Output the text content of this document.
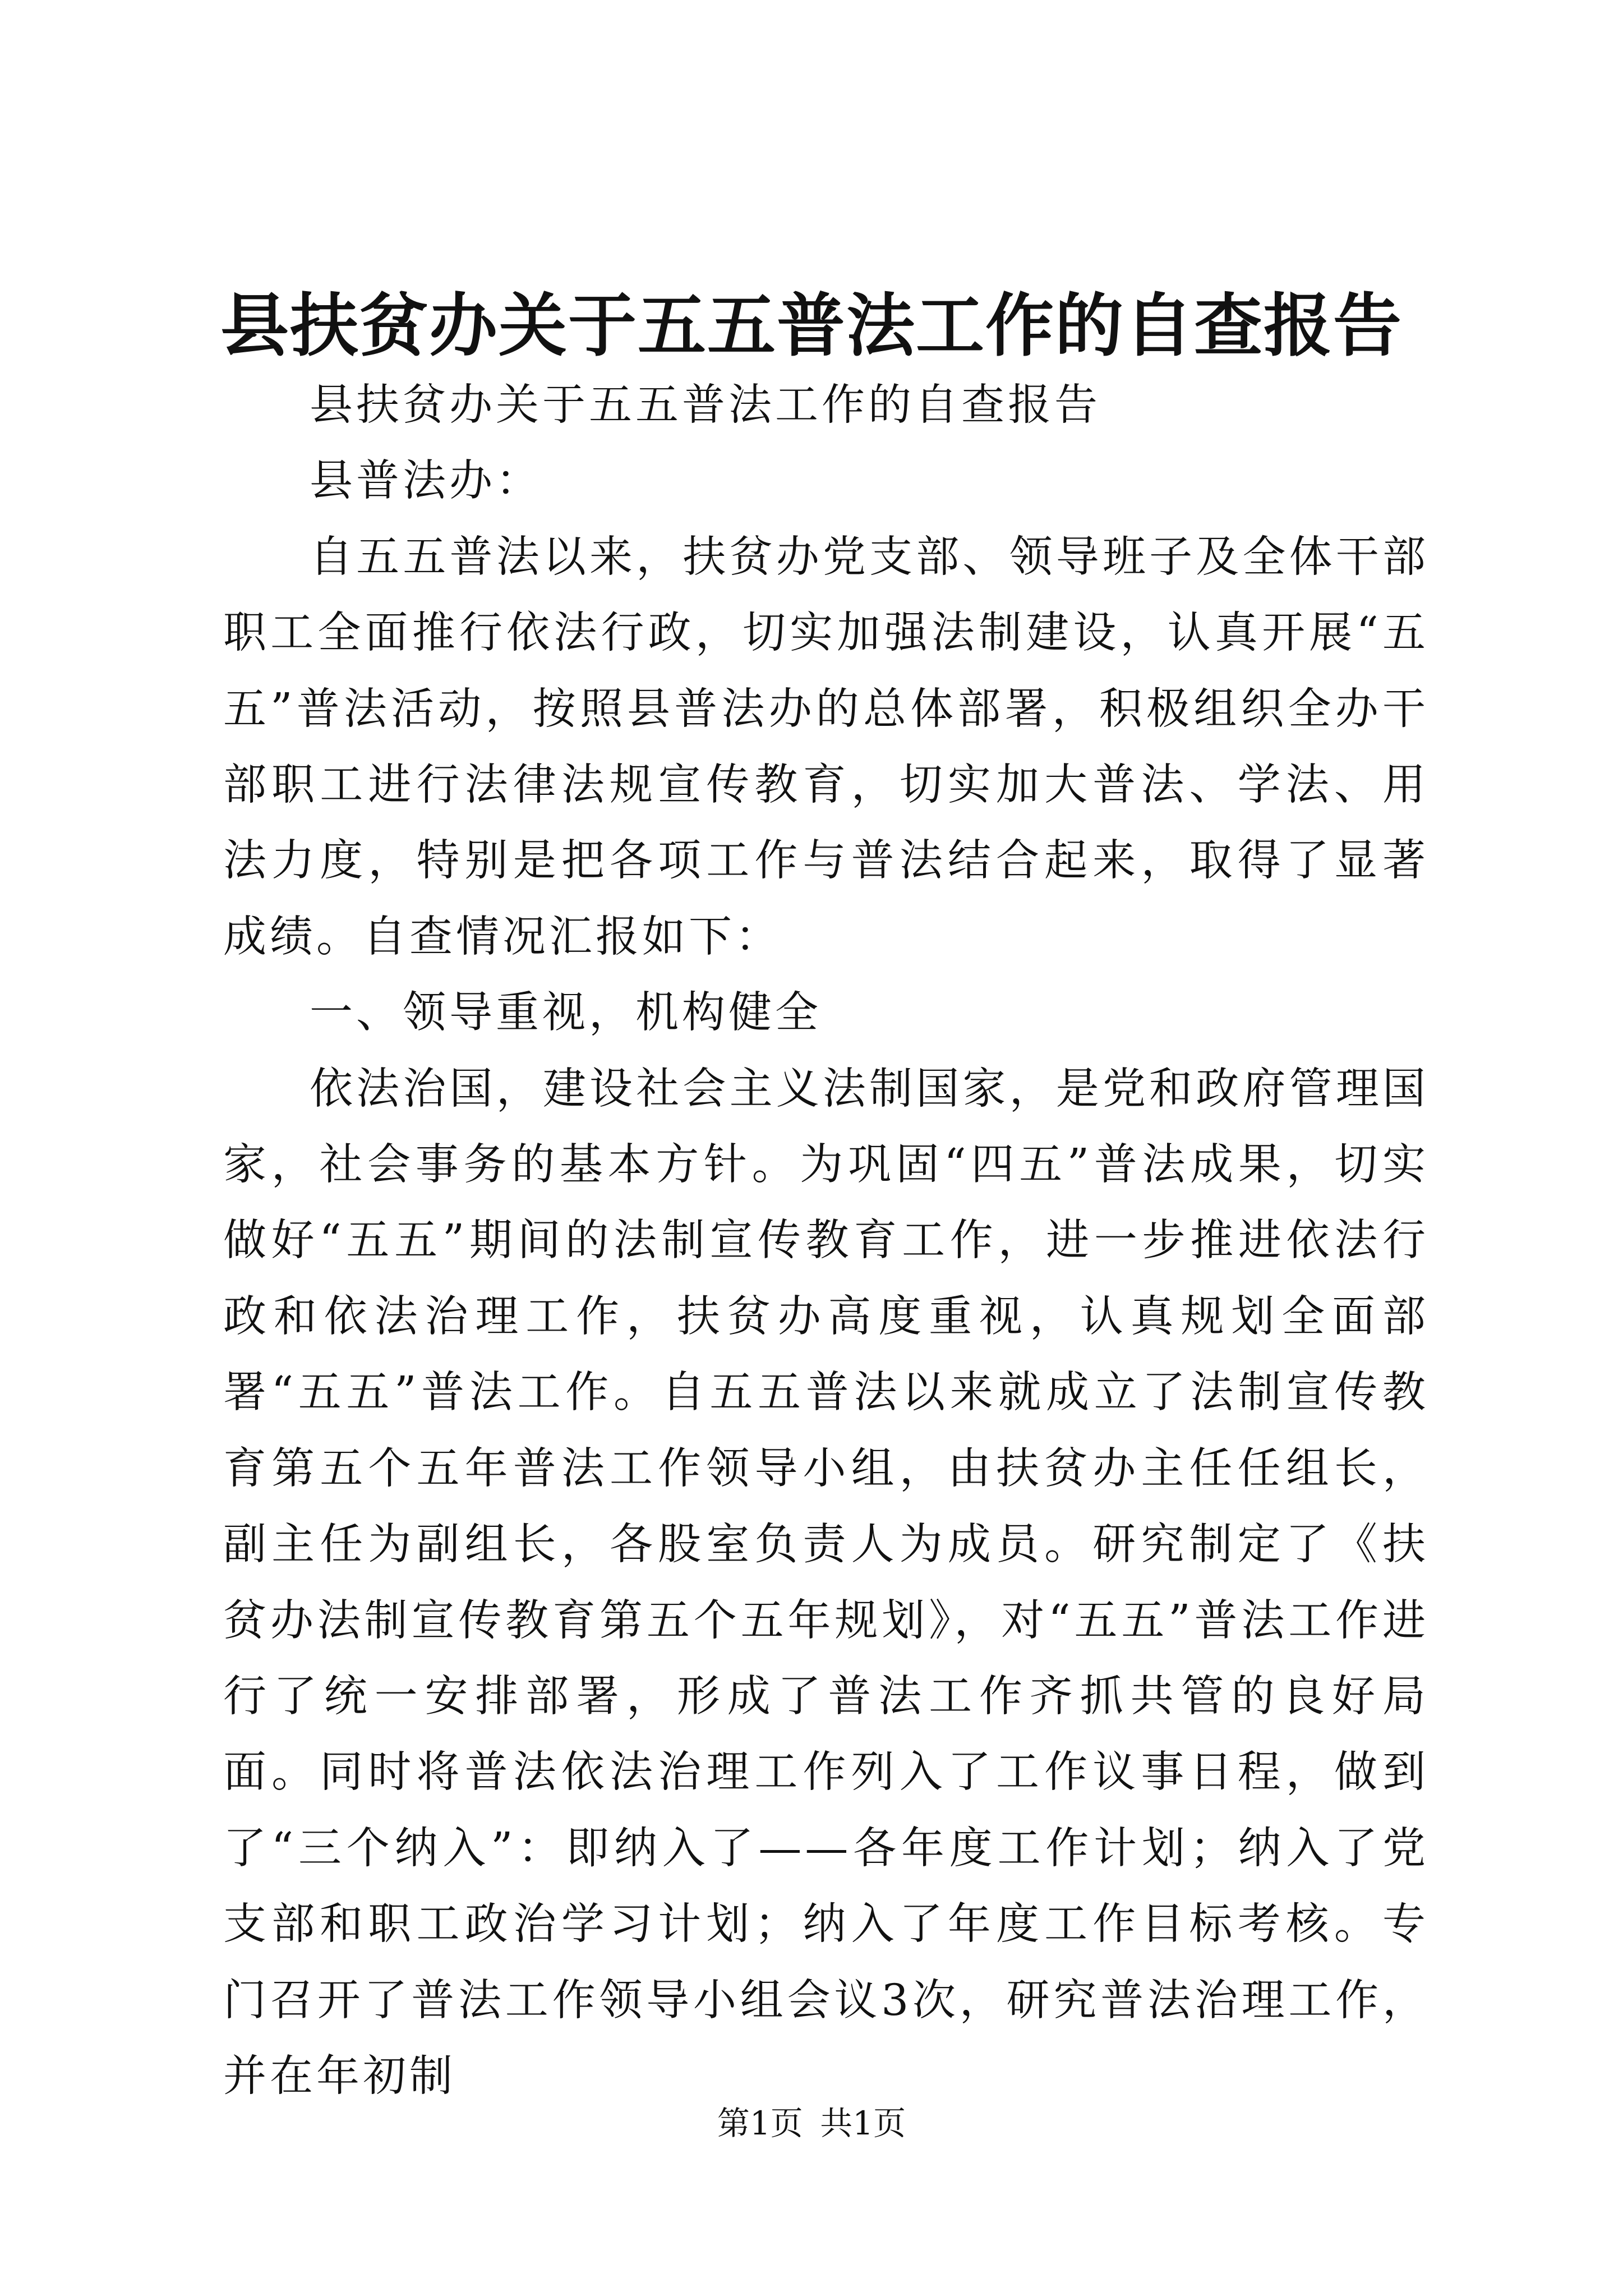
县扶贫办关于五五普法工作的自查报告

县扶贫办关于五五普法工作的自查报告

县普法办：

自五五普法以来，扶贫办党支部、领导班子及全体干部职工全面推行依法行政，切实加强法制建设，认真开展“五五”普法活动，按照县普法办的总体部署，积极组织全办干部职工进行法律法规宣传教育，切实加大普法、学法、用法力度，特别是把各项工作与普法结合起来，取得了显著成绩。自查情况汇报如下：

一、领导重视，机构健全

依法治国，建设社会主义法制国家，是党和政府管理国家，社会事务的基本方针。为巩固“四五”普法成果，切实做好“五五”期间的法制宣传教育工作，进一步推进依法行政和依法治理工作，扶贫办高度重视，认真规划全面部署“五五”普法工作。自五五普法以来就成立了法制宣传教育第五个五年普法工作领导小组，由扶贫办主任任组长，副主任为副组长，各股室负责人为成员。研究制定了《扶贫办法制宣传教育第五个五年规划》，对“五五”普法工作进行了统一安排部署，形成了普法工作齐抓共管的良好局面。同时将普法依法治理工作列入了工作议事日程，做到了“三个纳入”：即纳入了——各年度工作计划；纳入了党支部和职工政治学习计划；纳入了年度工作目标考核。专门召开了普法工作领导小组会议3次，研究普法治理工作，并在年初制

第1页 共1页
